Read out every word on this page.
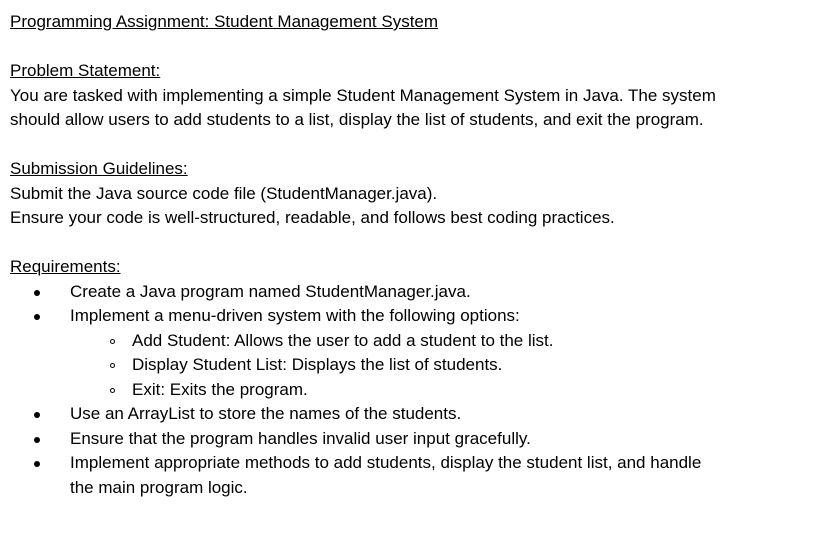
Programming Assignment: Student Management System

Problem Statement:

You are tasked with implementing a simple Student Management System in Java. The system

should allow users to add students to a list, display the list of students, and exit the program.

Submission Guidelines:

Submit the Java source code file (StudentManager.java).

Ensure your code is well-structured, readable, and follows best coding practices.

Requirements:

Create a Java program named StudentManager.java.
Implement a menu-driven system with the following options:
Add Student: Allows the user to add a student to the list.
Display Student List: Displays the list of students.
Exit: Exits the program.
Use an ArrayList to store the names of the students.
Ensure that the program handles invalid user input gracefully.
Implement appropriate methods to add students, display the student list, and handle
the main program logic.
